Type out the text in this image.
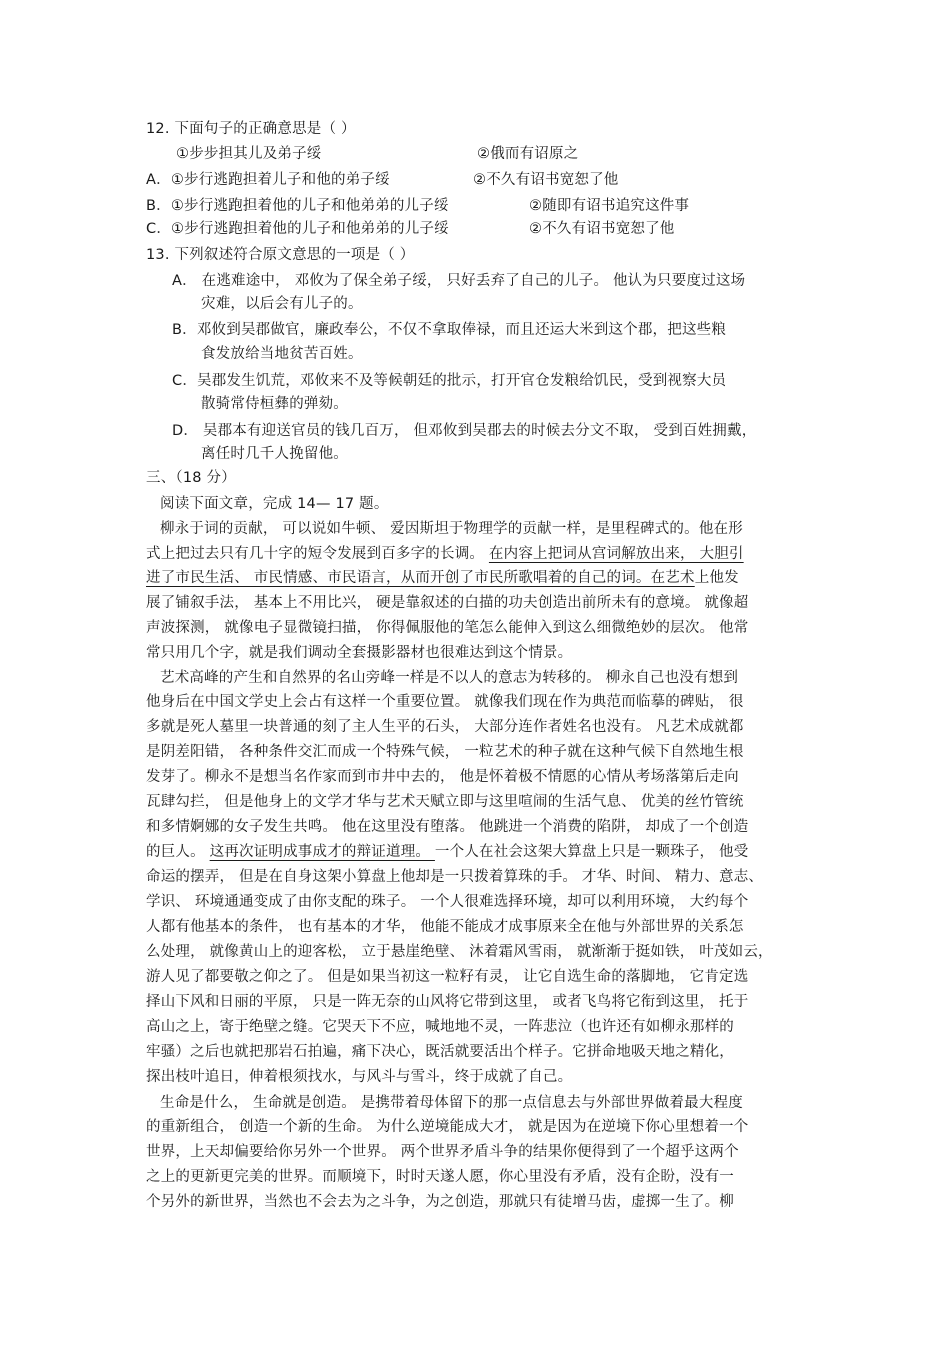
12. 下面句子的正确意思是（ ）
①步步担其儿及弟子绥	②俄而有诏原之
A．①步行逃跑担着儿子和他的弟子绥	②不久有诏书宽恕了他
B．①步行逃跑担着他的儿子和他弟弟的儿子绥	②随即有诏书追究这件事
C．①步行逃跑担着他的儿子和他弟弟的儿子绥	②不久有诏书宽恕了他
13. 下列叙述符合原文意思的一项是（ ）
A． 在逃难途中， 邓攸为了保全弟子绥， 只好丢弃了自己的儿子。 他认为只要度过这场
灾难，以后会有儿子的。
B．邓攸到吴郡做官，廉政奉公，不仅不拿取俸禄，而且还运大米到这个郡，把这些粮
食发放给当地贫苦百姓。
C．吴郡发生饥荒，邓攸来不及等候朝廷的批示，打开官仓发粮给饥民，受到视察大员
散骑常侍桓彝的弹劾。
D． 吴郡本有迎送官员的钱几百万， 但邓攸到吴郡去的时候去分文不取， 受到百姓拥戴，
离任时几千人挽留他。
三、（18 分）
阅读下面文章，完成 14— 17 题。
柳永于词的贡献， 可以说如牛顿、 爱因斯坦于物理学的贡献一样，是里程碑式的。他在形
式上把过去只有几十字的短令发展到百多字的长调。 在内容上把词从宫词解放出来， 大胆引
进了市民生活、 市民情感、市民语言，从而开创了市民所歌唱着的自己的词。在艺术上他发
展了铺叙手法， 基本上不用比兴， 硬是靠叙述的白描的功夫创造出前所未有的意境。 就像超
声波探测， 就像电子显微镜扫描， 你得佩服他的笔怎么能伸入到这么细微绝妙的层次。 他常
常只用几个字，就是我们调动全套摄影器材也很难达到这个情景。
艺术高峰的产生和自然界的名山旁峰一样是不以人的意志为转移的。 柳永自己也没有想到
他身后在中国文学史上会占有这样一个重要位置。 就像我们现在作为典范而临摹的碑贴， 很
多就是死人墓里一块普通的刻了主人生平的石头， 大部分连作者姓名也没有。 凡艺术成就都
是阴差阳错， 各种条件交汇而成一个特殊气候， 一粒艺术的种子就在这种气候下自然地生根
发芽了。柳永不是想当名作家而到市井中去的， 他是怀着极不情愿的心情从考场落第后走向
瓦肆勾拦， 但是他身上的文学才华与艺术天赋立即与这里喧闹的生活气息、 优美的丝竹管统
和多情婀娜的女子发生共鸣。 他在这里没有堕落。 他跳进一个消费的陷阱， 却成了一个创造
的巨人。 这再次证明成事成才的辩证道理。 一个人在社会这架大算盘上只是一颗珠子， 他受
命运的摆弄， 但是在自身这架小算盘上他却是一只拨着算珠的手。 才华、时间、 精力、意志、
学识、 环境通通变成了由你支配的珠子。 一个人很难选择环境，却可以利用环境， 大约每个
人都有他基本的条件， 也有基本的才华， 他能不能成才成事原来全在他与外部世界的关系怎
么处理， 就像黄山上的迎客松， 立于悬崖绝壁、 沐着霜风雪雨， 就渐渐于挺如铁， 叶茂如云，
游人见了都要敬之仰之了。 但是如果当初这一粒籽有灵， 让它自选生命的落脚地， 它肯定选
择山下风和日丽的平原， 只是一阵无奈的山风将它带到这里， 或者飞鸟将它衔到这里， 托于
高山之上，寄于绝壁之缝。它哭天下不应，喊地地不灵，一阵悲泣（也许还有如柳永那样的
牢骚）之后也就把那岩石拍遍，痛下决心，既活就要活出个样子。它拼命地吸天地之精化，
探出枝叶追日，伸着根须找水，与风斗与雪斗，终于成就了自己。
生命是什么， 生命就是创造。 是携带着母体留下的那一点信息去与外部世界做着最大程度
的重新组合， 创造一个新的生命。 为什么逆境能成大才， 就是因为在逆境下你心里想着一个
世界，上天却偏要给你另外一个世界。 两个世界矛盾斗争的结果你便得到了一个超乎这两个
之上的更新更完美的世界。而顺境下，时时天遂人愿，你心里没有矛盾，没有企盼，没有一
个另外的新世界，当然也不会去为之斗争，为之创造，那就只有徒增马齿，虚掷一生了。柳
